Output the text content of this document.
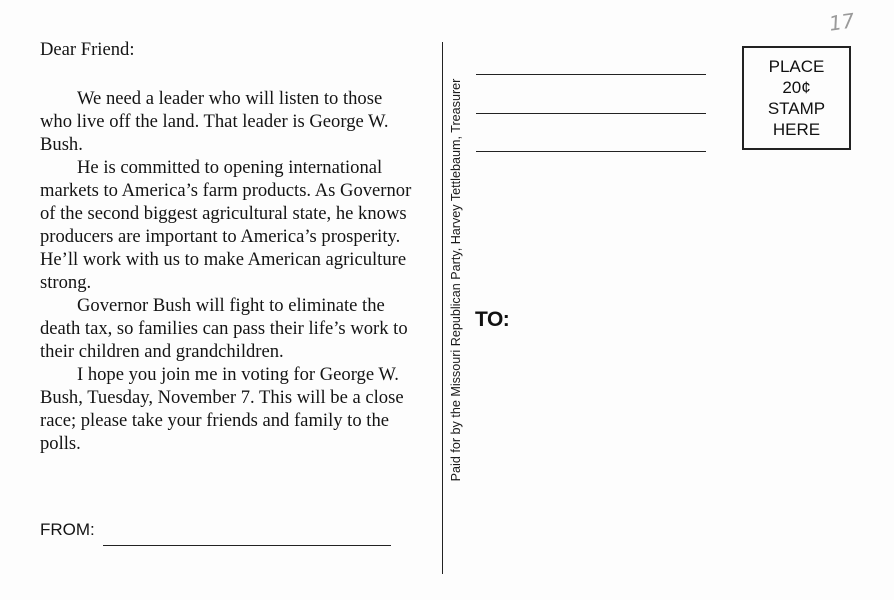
17

Dear Friend:

We need a leader who will listen to those who live off the land. That leader is George W. Bush.

He is committed to opening international markets to America’s farm products. As Governor of the second biggest agricultural state, he knows producers are important to America’s prosperity. He’ll work with us to make American agriculture strong.

Governor Bush will fight to eliminate the death tax, so families can pass their life’s work to their children and grandchildren.

I hope you join me in voting for George W. Bush, Tuesday, November 7. This will be a close race; please take your friends and family to the polls.

FROM:
Paid for by the Missouri Republican Party, Harvey Tettlebaum, Treasurer TO:
PLACE
20¢
STAMP
HERE
